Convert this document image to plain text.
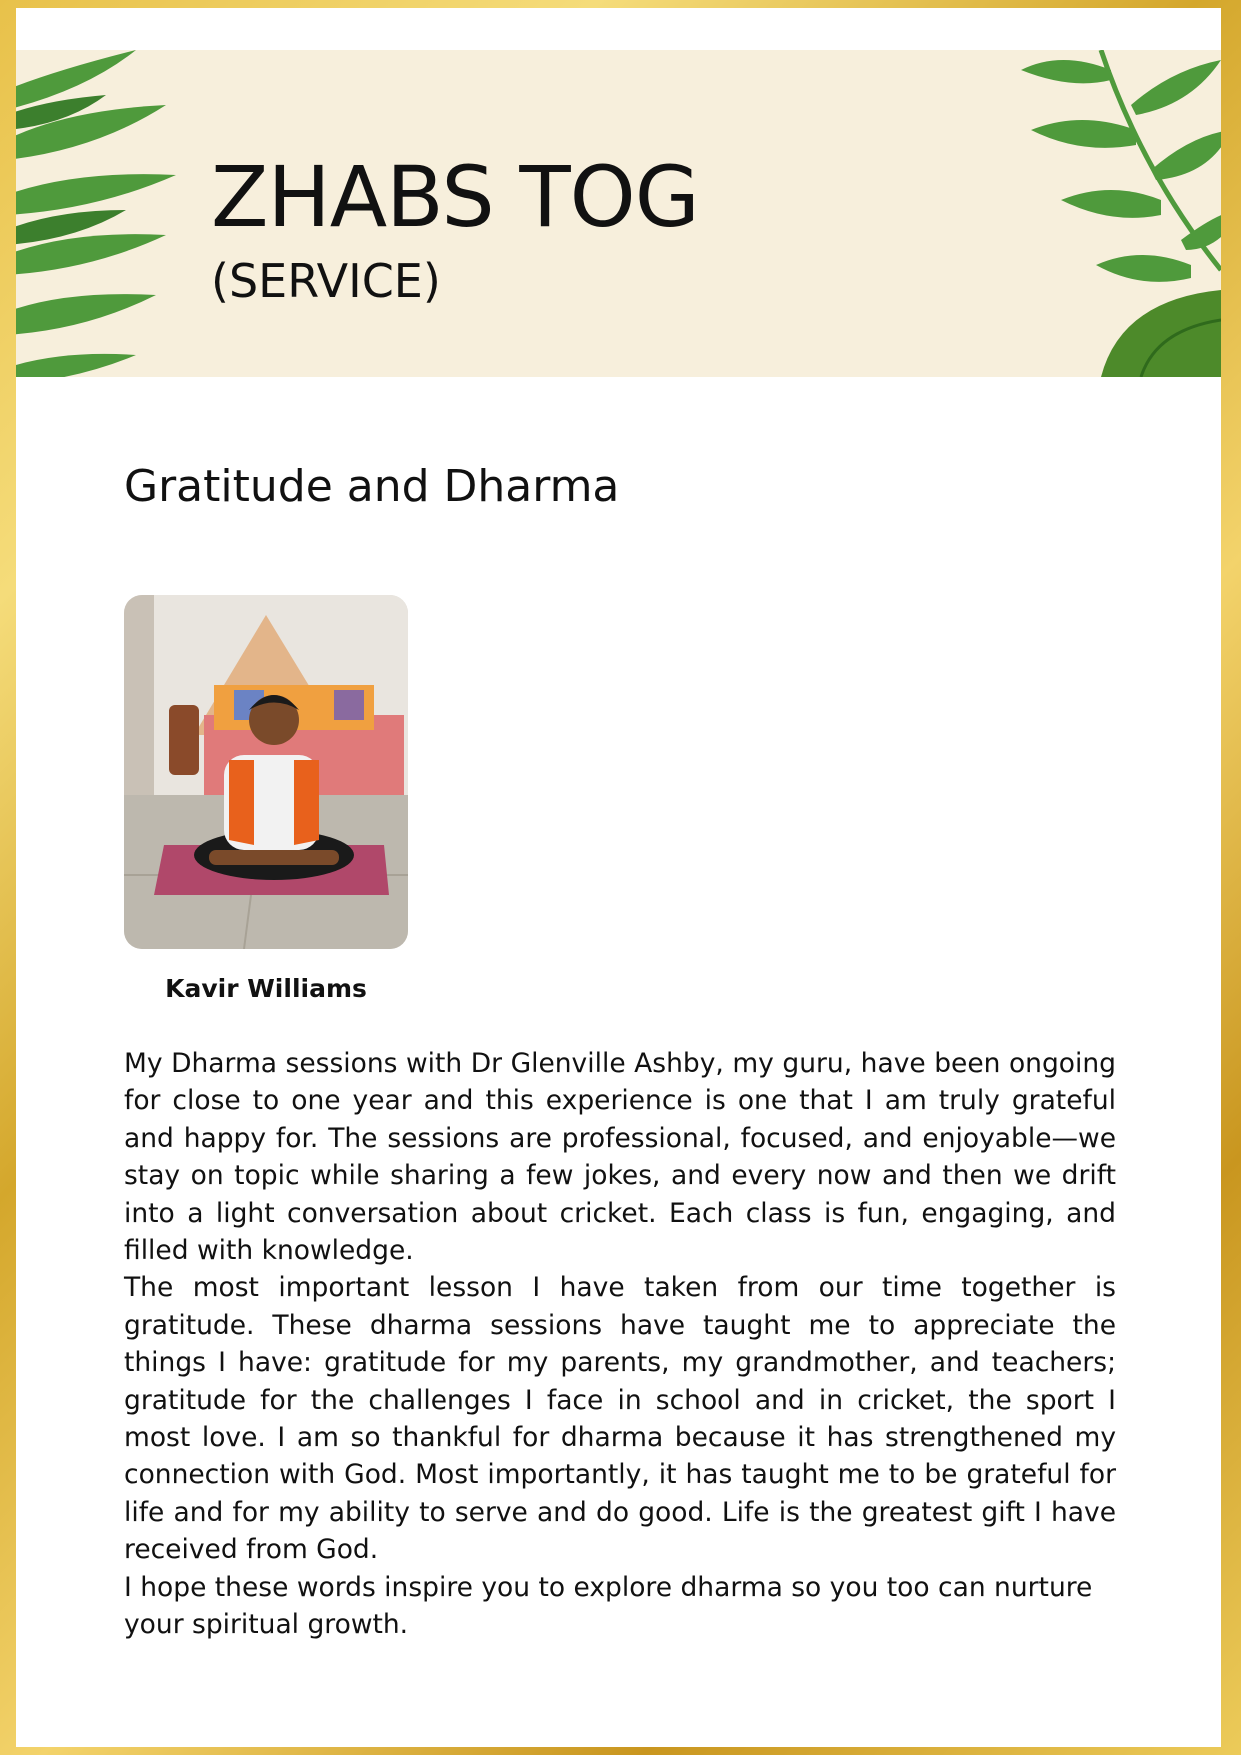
ZHABS TOG
(SERVICE)
Gratitude and Dharma
Kavir Williams

My Dharma sessions with Dr Glenville Ashby, my guru, have been ongoing for close to one year and this experience is one that I am truly grateful and happy for. The sessions are professional, focused, and enjoyable—we stay on topic while sharing a few jokes, and every now and then we drift into a light conversation about cricket. Each class is fun, engaging, and filled with knowledge.

The most important lesson I have taken from our time together is gratitude. These dharma sessions have taught me to appreciate the things I have: gratitude for my parents, my grandmother, and teachers; gratitude for the challenges I face in school and in cricket, the sport I most love. I am so thankful for dharma because it has strengthened my connection with God. Most importantly, it has taught me to be grateful for life and for my ability to serve and do good. Life is the greatest gift I have received from God.

I hope these words inspire you to explore dharma so you too can nurture your spiritual growth.
